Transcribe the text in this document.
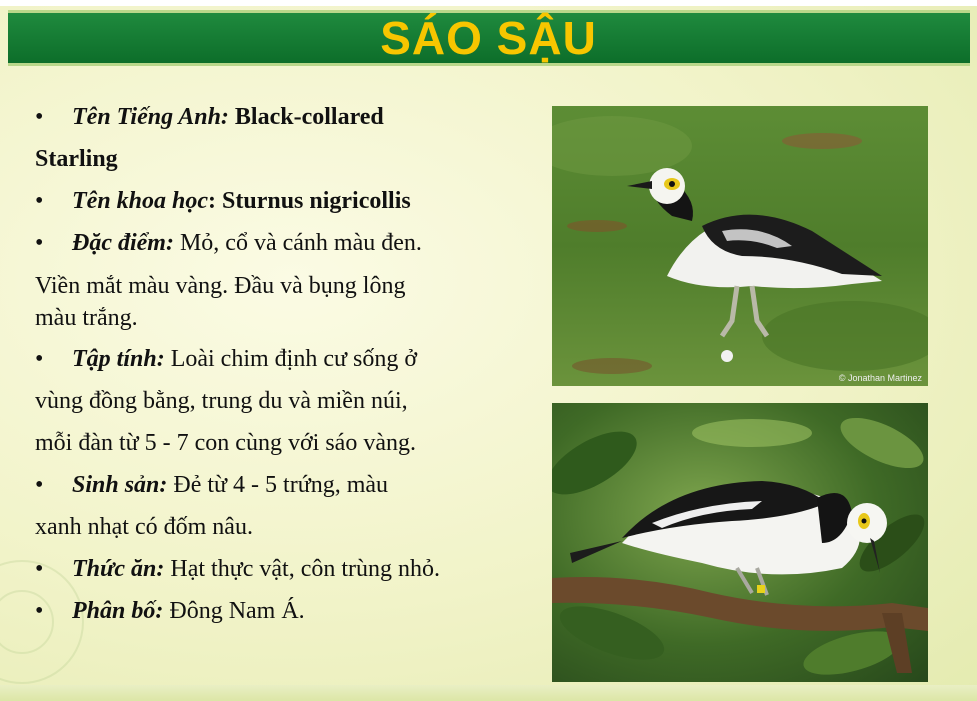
SÁO SẬU
• Tên Tiếng Anh: Black-collared
Starling
• Tên khoa học: Sturnus nigricollis
• Đặc điểm: Mỏ, cổ và cánh màu đen.
Viền mắt màu vàng. Đầu và bụng lông
màu trắng.
• Tập tính: Loài chim định cư sống ở
vùng đồng bằng, trung du và miền núi,
mỗi đàn từ 5 - 7 con cùng với sáo vàng.
• Sinh sản: Đẻ từ 4 - 5 trứng, màu
xanh nhạt có đốm nâu.
• Thức ăn: Hạt thực vật, côn trùng nhỏ.
• Phân bố: Đông Nam Á.
© Jonathan Martinez
